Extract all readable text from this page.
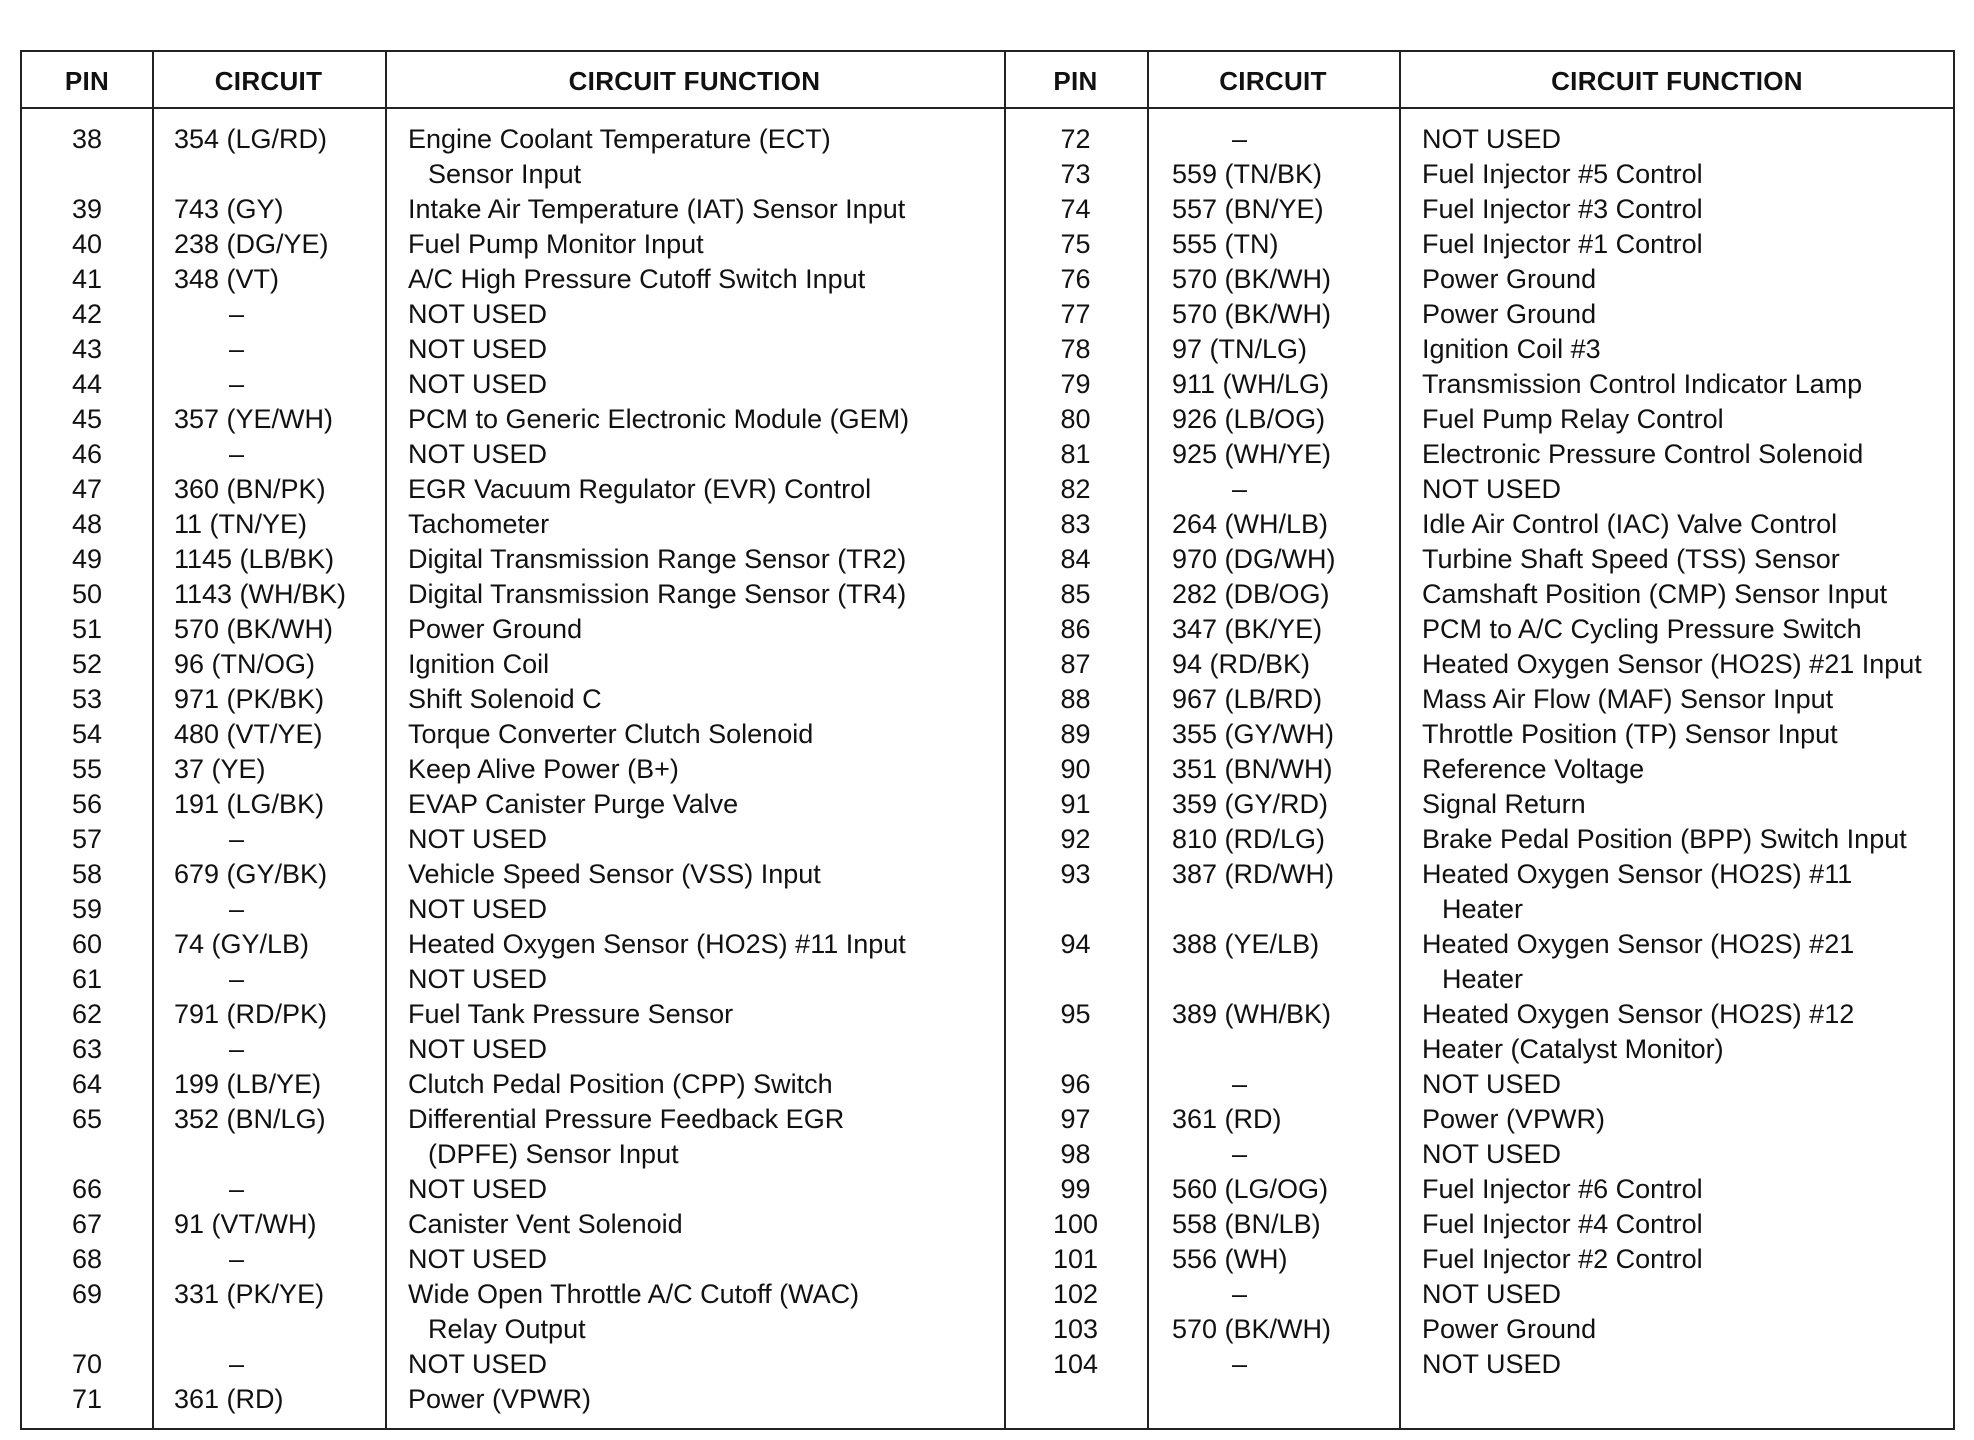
PIN	CIRCUIT	CIRCUIT FUNCTION	PIN	CIRCUIT	CIRCUIT FUNCTION
38	354 (LG/RD)	Engine Coolant Temperature (ECT)
Sensor Input
39	743 (GY)	Intake Air Temperature (IAT) Sensor Input
40	238 (DG/YE)	Fuel Pump Monitor Input
41	348 (VT)	A/C High Pressure Cutoff Switch Input
42	–	NOT USED
43	–	NOT USED
44	–	NOT USED
45	357 (YE/WH)	PCM to Generic Electronic Module (GEM)
46	–	NOT USED
47	360 (BN/PK)	EGR Vacuum Regulator (EVR) Control
48	11 (TN/YE)	Tachometer
49	1145 (LB/BK)	Digital Transmission Range Sensor (TR2)
50	1143 (WH/BK) Digital Transmission Range Sensor (TR4)
51	570 (BK/WH)	Power Ground
52	96 (TN/OG)	Ignition Coil
53	971 (PK/BK)	Shift Solenoid C
54	480 (VT/YE)	Torque Converter Clutch Solenoid
55	37 (YE)	Keep Alive Power (B+)
56	191 (LG/BK)	EVAP Canister Purge Valve
57	–	NOT USED
58	679 (GY/BK)	Vehicle Speed Sensor (VSS) Input
59	–	NOT USED
60	74 (GY/LB)	Heated Oxygen Sensor (HO2S) #11 Input
61	–	NOT USED
62	791 (RD/PK)	Fuel Tank Pressure Sensor
63	–	NOT USED
64	199 (LB/YE)	Clutch Pedal Position (CPP) Switch
65	352 (BN/LG)	Differential Pressure Feedback EGR
(DPFE) Sensor Input
66	–	NOT USED
67	91 (VT/WH)	Canister Vent Solenoid
68	–	NOT USED
69	331 (PK/YE)	Wide Open Throttle A/C Cutoff (WAC)
Relay Output
70	–	NOT USED
71	361 (RD)	Power (VPWR)
72	–	NOT USED
73	559 (TN/BK)	Fuel Injector #5 Control
74	557 (BN/YE)	Fuel Injector #3 Control
75	555 (TN)	Fuel Injector #1 Control
76	570 (BK/WH)	Power Ground
77	570 (BK/WH)	Power Ground
78	97 (TN/LG)	Ignition Coil #3
79	911 (WH/LG)	Transmission Control Indicator Lamp
80	926 (LB/OG)	Fuel Pump Relay Control
81	925 (WH/YE)	Electronic Pressure Control Solenoid
82	–	NOT USED
83	264 (WH/LB)	Idle Air Control (IAC) Valve Control
84	970 (DG/WH)	Turbine Shaft Speed (TSS) Sensor
85	282 (DB/OG)	Camshaft Position (CMP) Sensor Input
86	347 (BK/YE)	PCM to A/C Cycling Pressure Switch
87	94 (RD/BK)	Heated Oxygen Sensor (HO2S) #21 Input
88	967 (LB/RD)	Mass Air Flow (MAF) Sensor Input
89	355 (GY/WH)	Throttle Position (TP) Sensor Input
90	351 (BN/WH)	Reference Voltage
91	359 (GY/RD)	Signal Return
92	810 (RD/LG)	Brake Pedal Position (BPP) Switch Input
93	387 (RD/WH)	Heated Oxygen Sensor (HO2S) #11
Heater
94	388 (YE/LB)	Heated Oxygen Sensor (HO2S) #21
Heater
95	389 (WH/BK)	Heated Oxygen Sensor (HO2S) #12
Heater (Catalyst Monitor)
96	–	NOT USED
97	361 (RD)	Power (VPWR)
98	–	NOT USED
99	560 (LG/OG)	Fuel Injector #6 Control
100	558 (BN/LB)	Fuel Injector #4 Control
101	556 (WH)	Fuel Injector #2 Control
102	–	NOT USED
103	570 (BK/WH)	Power Ground
104	–	NOT USED
